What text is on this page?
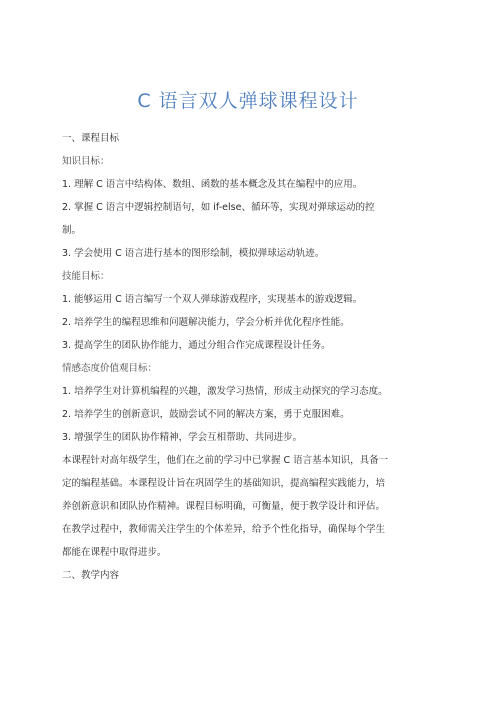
C 语言双人弹球课程设计
一、课程目标
知识目标：
1. 理解 C 语言中结构体、数组、函数的基本概念及其在编程中的应用。
2. 掌握 C 语言中逻辑控制语句，如 if-else、循环等，实现对弹球运动的控
制。
3. 学会使用 C 语言进行基本的图形绘制，模拟弹球运动轨迹。
技能目标：
1. 能够运用 C 语言编写一个双人弹球游戏程序，实现基本的游戏逻辑。
2. 培养学生的编程思维和问题解决能力，学会分析并优化程序性能。
3. 提高学生的团队协作能力，通过分组合作完成课程设计任务。
情感态度价值观目标：
1. 培养学生对计算机编程的兴趣，激发学习热情，形成主动探究的学习态度。
2. 培养学生的创新意识，鼓励尝试不同的解决方案，勇于克服困难。
3. 增强学生的团队协作精神，学会互相帮助、共同进步。
本课程针对高年级学生，他们在之前的学习中已掌握 C 语言基本知识，具备一
定的编程基础。本课程设计旨在巩固学生的基础知识，提高编程实践能力，培
养创新意识和团队协作精神。课程目标明确，可衡量，便于教学设计和评估。
在教学过程中，教师需关注学生的个体差异，给予个性化指导，确保每个学生
都能在课程中取得进步。
二、教学内容
